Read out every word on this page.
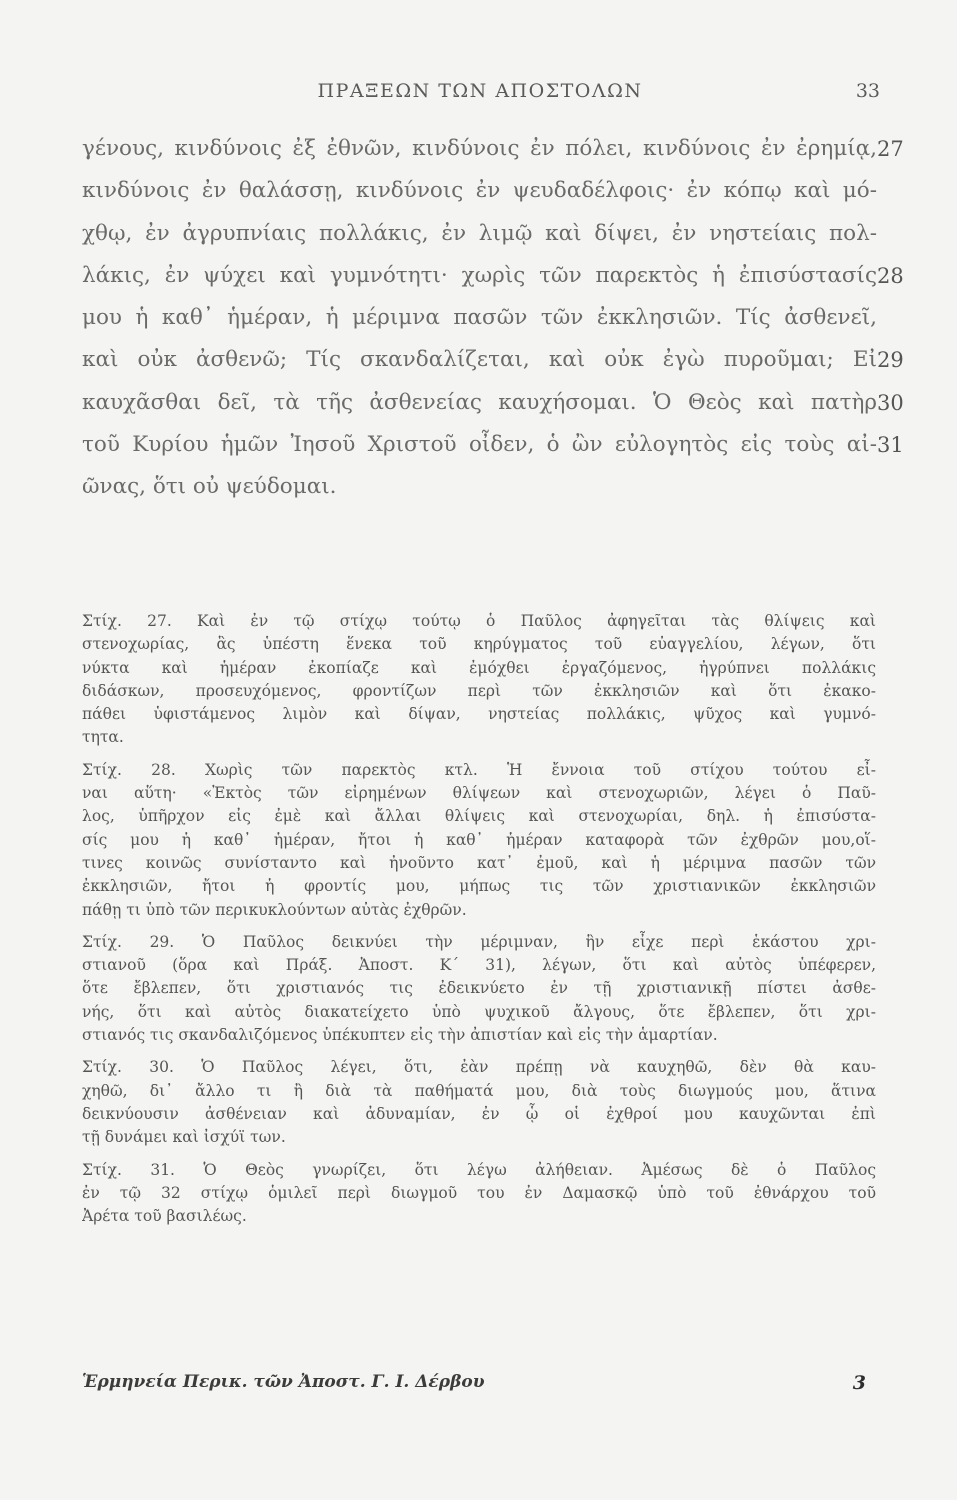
ΠΡΑΞΕΩΝ ΤΩΝ ΑΠΟΣΤΟΛΩΝ	33
γένους, κινδύνοις ἐξ ἐθνῶν, κινδύνοις ἐν πόλει, κινδύνοις ἐν ἐρημίᾳ, 27
κινδύνοις ἐν θαλάσσῃ, κινδύνοις ἐν ψευδαδέλφοις· ἐν κόπῳ καὶ μό-
χθῳ, ἐν ἀγρυπνίαις πολλάκις, ἐν λιμῷ καὶ δίψει, ἐν νηστείαις πολ-
λάκις, ἐν ψύχει καὶ γυμνότητι· χωρὶς τῶν παρεκτὸς ἡ ἐπισύστασίς 28
μου ἡ καθ᾿ ἡμέραν, ἡ μέριμνα πασῶν τῶν ἐκκλησιῶν. Τίς ἀσθενεῖ,
καὶ οὐκ ἀσθενῶ; Τίς σκανδαλίζεται, καὶ οὐκ ἐγὼ πυροῦμαι; Εἰ 29
καυχᾶσθαι δεῖ, τὰ τῆς ἀσθενείας καυχήσομαι. Ὁ Θεὸς καὶ πατὴρ 30
τοῦ Κυρίου ἡμῶν Ἰησοῦ Χριστοῦ οἶδεν, ὁ ὢν εὐλογητὸς εἰς τοὺς αἰ- 31
ῶνας, ὅτι οὐ ψεύδομαι.
Στίχ. 27. Καὶ ἐν τῷ στίχῳ τούτῳ ὁ Παῦλος ἀφηγεῖται τὰς θλίψεις καὶ
στενοχωρίας, ἃς ὑπέστη ἕνεκα τοῦ κηρύγματος τοῦ εὐαγγελίου, λέγων, ὅτι
νύκτα καὶ ἡμέραν ἐκοπίαζε καὶ ἐμόχθει ἐργαζόμενος, ἠγρύπνει πολλάκις
διδάσκων, προσευχόμενος, φροντίζων περὶ τῶν ἐκκλησιῶν καὶ ὅτι ἐκακο-
πάθει ὑφιστάμενος λιμὸν καὶ δίψαν, νηστείας πολλάκις, ψῦχος καὶ γυμνό-
τητα.
Στίχ. 28. Χωρὶς τῶν παρεκτὸς κτλ. Ἡ ἔννοια τοῦ στίχου τούτου εἶ-
ναι αὕτη· «Ἐκτὸς τῶν εἰρημένων θλίψεων καὶ στενοχωριῶν, λέγει ὁ Παῦ-
λος, ὑπῆρχον εἰς ἐμὲ καὶ ἄλλαι θλίψεις καὶ στενοχωρίαι, δηλ. ἡ ἐπισύστα-
σίς μου ἡ καθ᾿ ἡμέραν, ἤτοι ἡ καθ᾿ ἡμέραν καταφορὰ τῶν ἐχθρῶν μου,οἵ-
τινες κοινῶς συνίσταντο καὶ ἠνοῦντο κατ᾿ ἐμοῦ, καὶ ἡ μέριμνα πασῶν τῶν
ἐκκλησιῶν, ἤτοι ἡ φροντίς μου, μήπως τις τῶν χριστιανικῶν ἐκκλησιῶν
πάθῃ τι ὑπὸ τῶν περικυκλούντων αὐτὰς ἐχθρῶν.
Στίχ. 29. Ὁ Παῦλος δεικνύει τὴν μέριμναν, ἣν εἶχε περὶ ἑκάστου χρι-
στιανοῦ (ὅρα καὶ Πράξ. Ἀποστ. Κ´ 31), λέγων, ὅτι καὶ αὐτὸς ὑπέφερεν,
ὅτε ἔβλεπεν, ὅτι χριστιανός τις ἐδεικνύετο ἐν τῇ χριστιανικῇ πίστει ἀσθε-
νής, ὅτι καὶ αὐτὸς διακατείχετο ὑπὸ ψυχικοῦ ἄλγους, ὅτε ἔβλεπεν, ὅτι χρι-
στιανός τις σκανδαλιζόμενος ὑπέκυπτεν εἰς τὴν ἀπιστίαν καὶ εἰς τὴν ἁμαρτίαν.
Στίχ. 30. Ὁ Παῦλος λέγει, ὅτι, ἐὰν πρέπῃ νὰ καυχηθῶ, δὲν θὰ καυ-
χηθῶ, δι᾿ ἄλλο τι ἢ διὰ τὰ παθήματά μου, διὰ τοὺς διωγμούς μου, ἅτινα
δεικνύουσιν ἀσθένειαν καὶ ἀδυναμίαν, ἐν ᾧ οἱ ἐχθροί μου καυχῶνται ἐπὶ
τῇ δυνάμει καὶ ἰσχύϊ των.
Στίχ. 31. Ὁ Θεὸς γνωρίζει, ὅτι λέγω ἀλήθειαν. Ἀμέσως δὲ ὁ Παῦλος
ἐν τῷ 32 στίχῳ ὁμιλεῖ περὶ διωγμοῦ του ἐν Δαμασκῷ ὑπὸ τοῦ ἐθνάρχου τοῦ
Ἀρέτα τοῦ βασιλέως.
Ἑρμηνεία Περικ. τῶν Ἀποστ. Γ. Ι. Δέρβου	3
